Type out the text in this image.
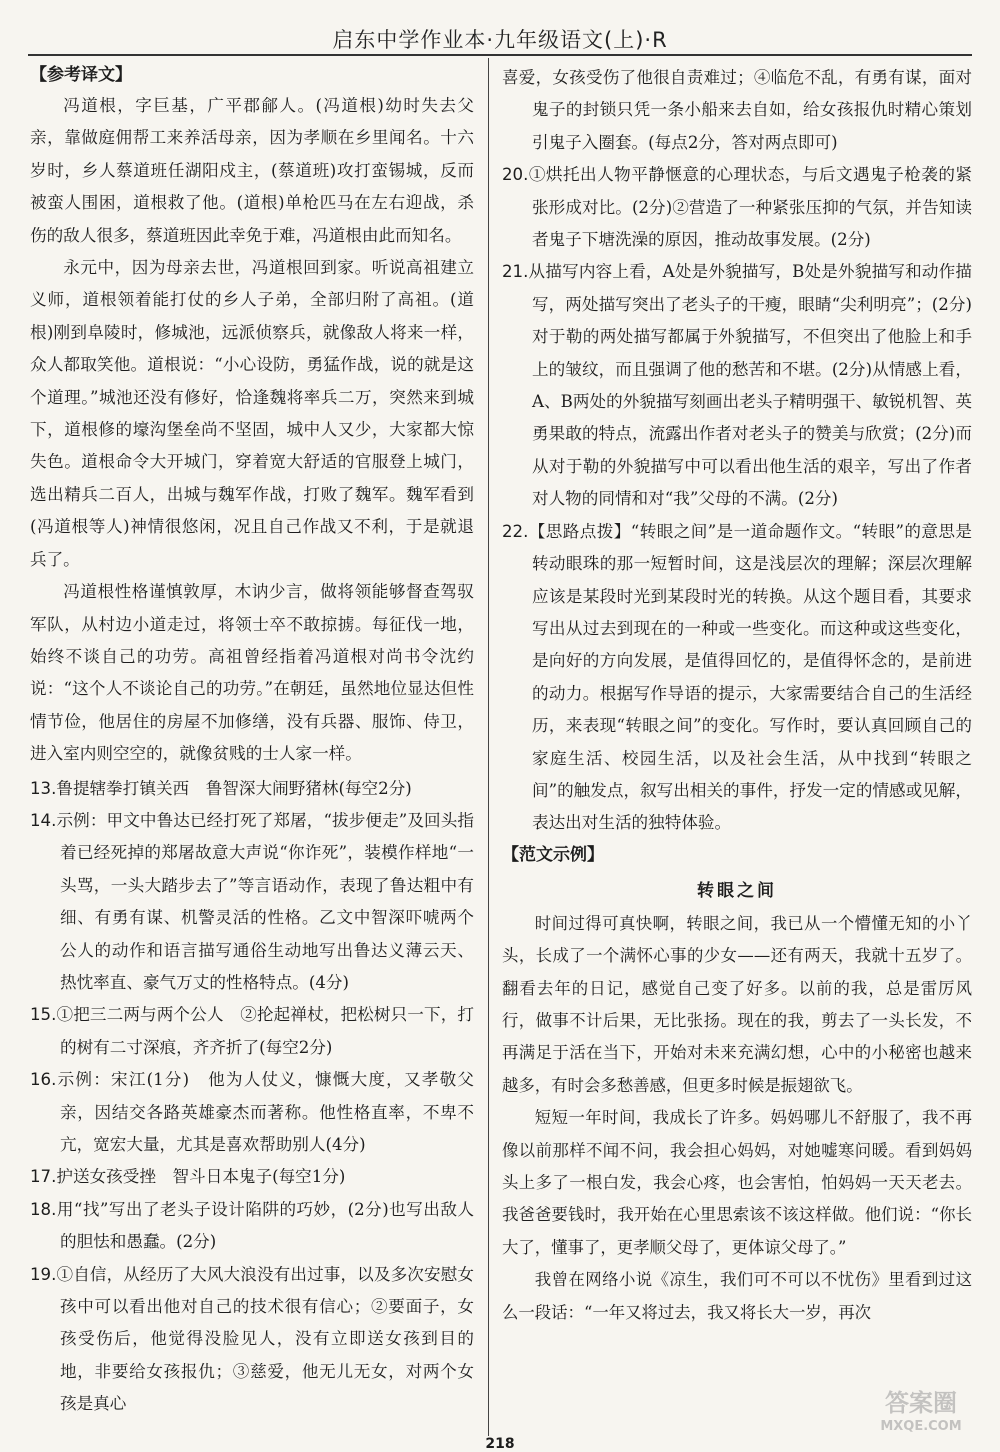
启东中学作业本·九年级语文(上)·R

【参考译文】

冯道根，字巨基，广平郡鄃人。(冯道根)幼时失去父亲，靠做庭佣帮工来养活母亲，因为孝顺在乡里闻名。十六岁时，乡人蔡道班任湖阳戍主，(蔡道班)攻打蛮锡城，反而被蛮人围困，道根救了他。(道根)单枪匹马在左右迎战，杀伤的敌人很多，蔡道班因此幸免于难，冯道根由此而知名。

永元中，因为母亲去世，冯道根回到家。听说高祖建立义师，道根领着能打仗的乡人子弟，全部归附了高祖。(道根)刚到阜陵时，修城池，远派侦察兵，就像敌人将来一样，众人都取笑他。道根说：“小心设防，勇猛作战，说的就是这个道理。”城池还没有修好，恰逢魏将率兵二万，突然来到城下，道根修的壕沟堡垒尚不坚固，城中人又少，大家都大惊失色。道根命令大开城门，穿着宽大舒适的官服登上城门，选出精兵二百人，出城与魏军作战，打败了魏军。魏军看到(冯道根等人)神情很悠闲，况且自己作战又不利，于是就退兵了。

冯道根性格谨慎敦厚，木讷少言，做将领能够督查驾驭军队，从村边小道走过，将领士卒不敢掠掳。每征伐一地，始终不谈自己的功劳。高祖曾经指着冯道根对尚书令沈约说：“这个人不谈论自己的功劳。”在朝廷，虽然地位显达但性情节俭，他居住的房屋不加修缮，没有兵器、服饰、侍卫，进入室内则空空的，就像贫贱的士人家一样。

13.鲁提辖拳打镇关西　鲁智深大闹野猪林(每空2分)

14.示例：甲文中鲁达已经打死了郑屠，“拔步便走”及回头指着已经死掉的郑屠故意大声说“你诈死”，装模作样地“一头骂，一头大踏步去了”等言语动作，表现了鲁达粗中有细、有勇有谋、机警灵活的性格。乙文中智深吓唬两个公人的动作和语言描写通俗生动地写出鲁达义薄云天、热忱率直、豪气万丈的性格特点。(4分)

15.①把三二两与两个公人　②抡起禅杖，把松树只一下，打的树有二寸深痕，齐齐折了(每空2分)

16.示例：宋江(1分)　他为人仗义，慷慨大度，又孝敬父亲，因结交各路英雄豪杰而著称。他性格直率，不卑不亢，宽宏大量，尤其是喜欢帮助别人(4分)

17.护送女孩受挫　智斗日本鬼子(每空1分)

18.用“找”写出了老头子设计陷阱的巧妙，(2分)也写出敌人的胆怯和愚蠢。(2分)

19.①自信，从经历了大风大浪没有出过事，以及多次安慰女孩中可以看出他对自己的技术很有信心；②要面子，女孩受伤后，他觉得没脸见人，没有立即送女孩到目的地，非要给女孩报仇；③慈爱，他无儿无女，对两个女孩是真心

喜爱，女孩受伤了他很自责难过；④临危不乱，有勇有谋，面对鬼子的封锁只凭一条小船来去自如，给女孩报仇时精心策划引鬼子入圈套。(每点2分，答对两点即可)

20.①烘托出人物平静惬意的心理状态，与后文遇鬼子枪袭的紧张形成对比。(2分)②营造了一种紧张压抑的气氛，并告知读者鬼子下塘洗澡的原因，推动故事发展。(2分)

21.从描写内容上看，A处是外貌描写，B处是外貌描写和动作描写，两处描写突出了老头子的干瘦，眼睛“尖利明亮”；(2分)对于勒的两处描写都属于外貌描写，不但突出了他脸上和手上的皱纹，而且强调了他的愁苦和不堪。(2分)从情感上看，A、B两处的外貌描写刻画出老头子精明强干、敏锐机智、英勇果敢的特点，流露出作者对老头子的赞美与欣赏；(2分)而从对于勒的外貌描写中可以看出他生活的艰辛，写出了作者对人物的同情和对“我”父母的不满。(2分)

22.【思路点拨】“转眼之间”是一道命题作文。“转眼”的意思是转动眼珠的那一短暂时间，这是浅层次的理解；深层次理解应该是某段时光到某段时光的转换。从这个题目看，其要求写出从过去到现在的一种或一些变化。而这种或这些变化，是向好的方向发展，是值得回忆的，是值得怀念的，是前进的动力。根据写作导语的提示，大家需要结合自己的生活经历，来表现“转眼之间”的变化。写作时，要认真回顾自己的家庭生活、校园生活，以及社会生活，从中找到“转眼之间”的触发点，叙写出相关的事件，抒发一定的情感或见解，表达出对生活的独特体验。

【范文示例】

转眼之间

时间过得可真快啊，转眼之间，我已从一个懵懂无知的小丫头，长成了一个满怀心事的少女——还有两天，我就十五岁了。翻看去年的日记，感觉自己变了好多。以前的我，总是雷厉风行，做事不计后果，无比张扬。现在的我，剪去了一头长发，不再满足于活在当下，开始对未来充满幻想，心中的小秘密也越来越多，有时会多愁善感，但更多时候是振翅欲飞。

短短一年时间，我成长了许多。妈妈哪儿不舒服了，我不再像以前那样不闻不问，我会担心妈妈，对她嘘寒问暖。看到妈妈头上多了一根白发，我会心疼，也会害怕，怕妈妈一天天老去。我爸爸要钱时，我开始在心里思索该不该这样做。他们说：“你长大了，懂事了，更孝顺父母了，更体谅父母了。”

我曾在网络小说《凉生，我们可不可以不忧伤》里看到过这么一段话：“一年又将过去，我又将长大一岁，再次

218
答案圈
MXQE.COM
